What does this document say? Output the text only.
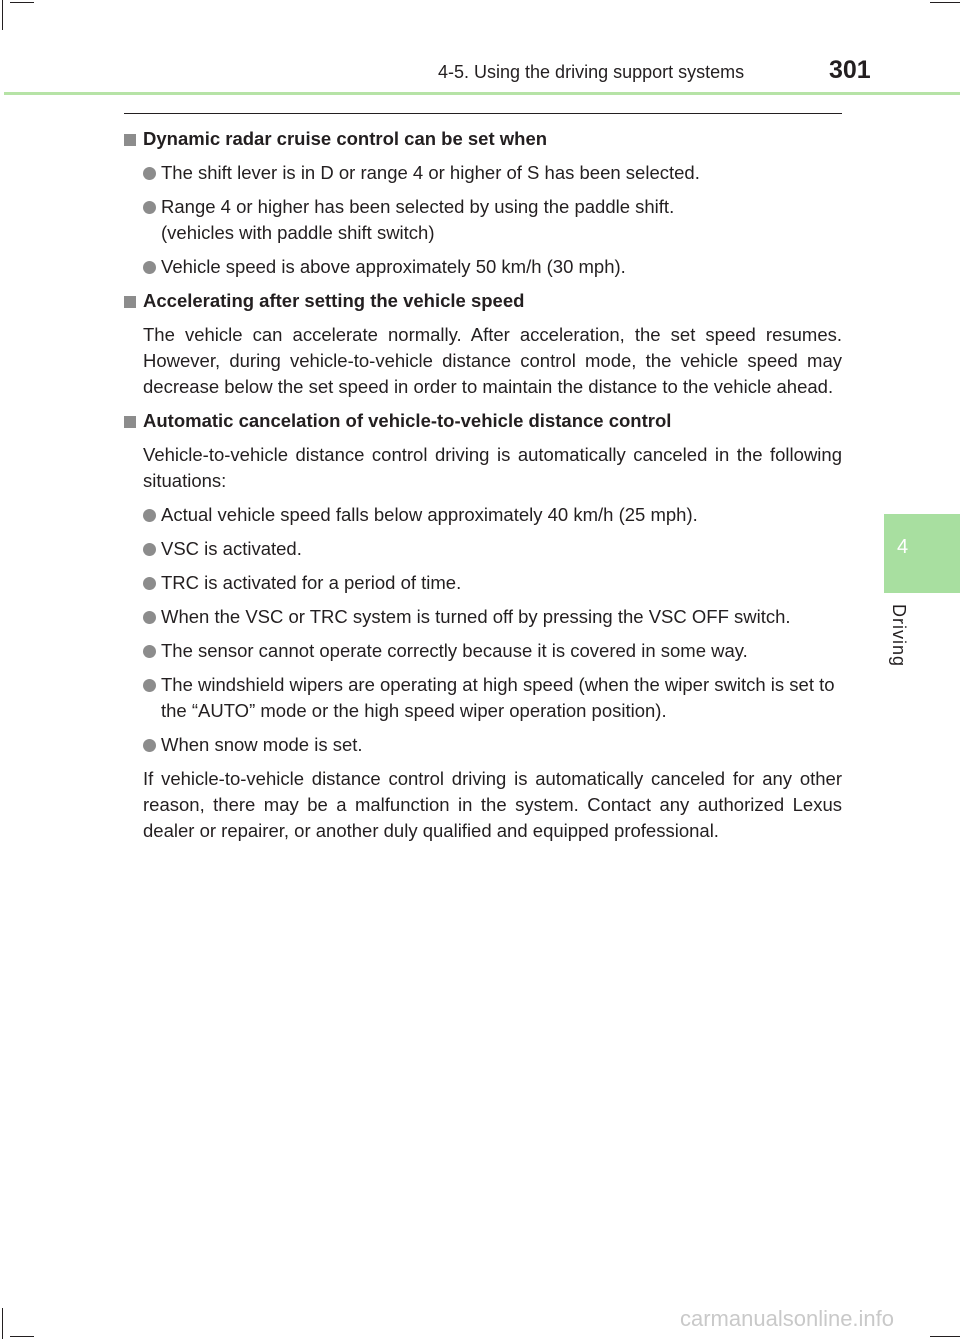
4-5. Using the driving support systems	301
4
Driving
Dynamic radar cruise control can be set when
The shift lever is in D or range 4 or higher of S has been selected.
Range 4 or higher has been selected by using the paddle shift.
(vehicles with paddle shift switch)
Vehicle speed is above approximately 50 km/h (30 mph).
Accelerating after setting the vehicle speed
The vehicle can accelerate normally. After acceleration, the set speed resumes. However, during vehicle-to-vehicle distance control mode, the vehicle speed may decrease below the set speed in order to maintain the distance to the vehicle ahead.
Automatic cancelation of vehicle-to-vehicle distance control
Vehicle-to-vehicle distance control driving is automatically canceled in the following situations:
Actual vehicle speed falls below approximately 40 km/h (25 mph).
VSC is activated.
TRC is activated for a period of time.
When the VSC or TRC system is turned off by pressing the VSC OFF switch.
The sensor cannot operate correctly because it is covered in some way.
The windshield wipers are operating at high speed (when the wiper switch is set to the “AUTO” mode or the high speed wiper operation position).
When snow mode is set.
If vehicle-to-vehicle distance control driving is automatically canceled for any other reason, there may be a malfunction in the system. Contact any authorized Lexus dealer or repairer, or another duly qualified and equipped professional.
carmanualsonline.info
